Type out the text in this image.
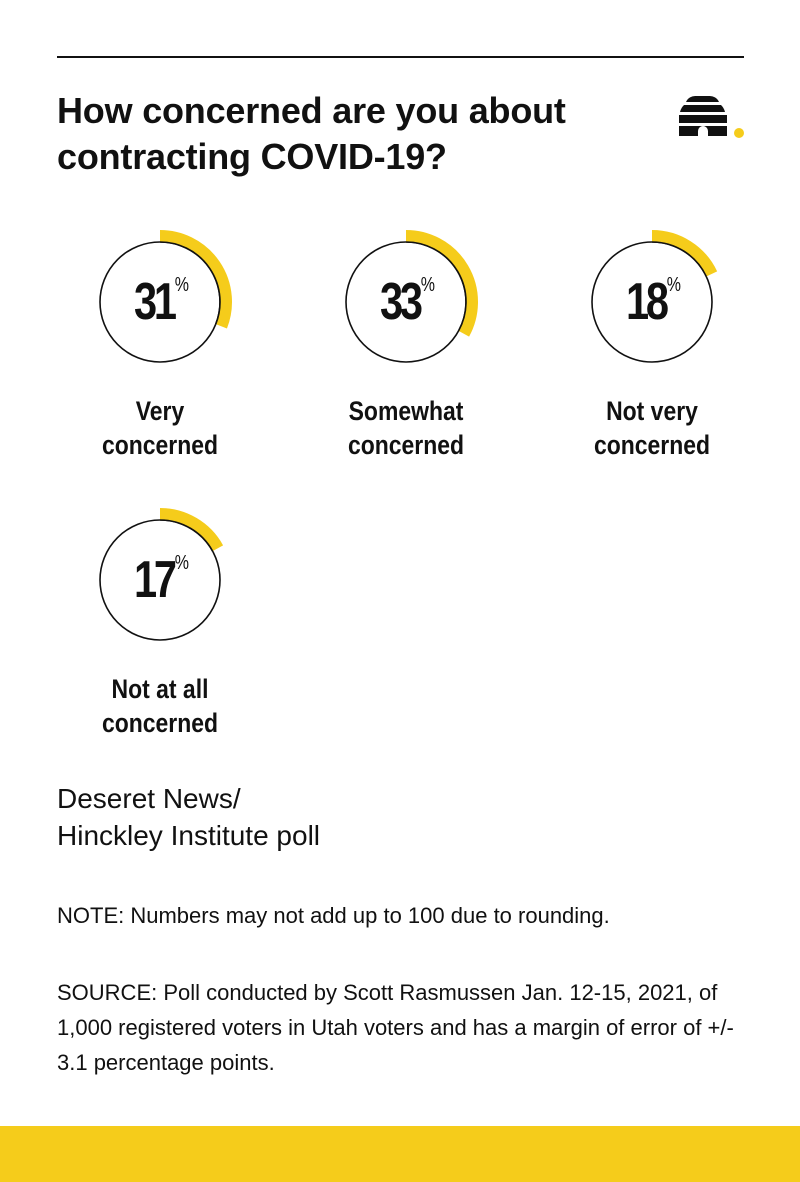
How concerned are you about
contracting COVID-19?
31%
Very
concerned
33%
Somewhat
concerned
18%
Not very
concerned
17%
Not at all
concerned

Deseret News/
Hinckley Institute poll

NOTE: Numbers may not add up to 100 due to rounding.

SOURCE: Poll conducted by Scott Rasmussen Jan. 12-15, 2021, of 1,000 registered voters in Utah voters and has a margin of error of +/- 3.1 percentage points.
